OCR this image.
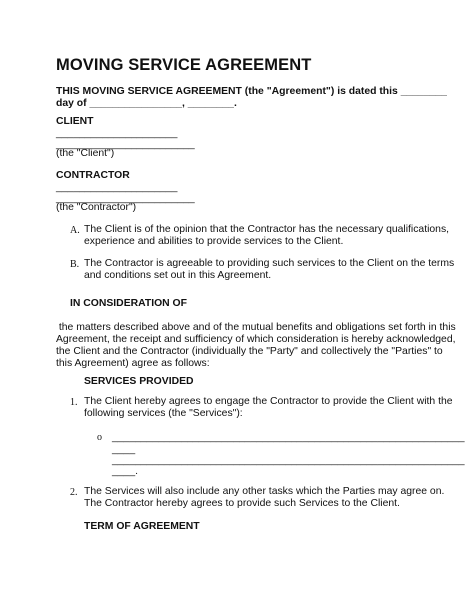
MOVING SERVICE AGREEMENT
THIS MOVING SERVICE AGREEMENT (the "Agreement") is dated this ________
day of ________________, ________.
CLIENT
_____________________
________________________
(the "Client")
CONTRACTOR
_____________________
________________________
(the "Contractor")
A. The Client is of the opinion that the Contractor has the necessary qualifications,
experience and abilities to provide services to the Client.
B. The Contractor is agreeable to providing such services to the Client on the terms
and conditions set out in this Agreement.
IN CONSIDERATION OF
the matters described above and of the mutual benefits and obligations set forth in this
Agreement, the receipt and sufficiency of which consideration is hereby acknowledged,
the Client and the Contractor (individually the "Party" and collectively the "Parties" to
this Agreement) agree as follows:
SERVICES PROVIDED
1. The Client hereby agrees to engage the Contractor to provide the Client with the
following services (the "Services"):
o _____________________________________________________________
____
_____________________________________________________________
____.
2. The Services will also include any other tasks which the Parties may agree on.
The Contractor hereby agrees to provide such Services to the Client.
TERM OF AGREEMENT
